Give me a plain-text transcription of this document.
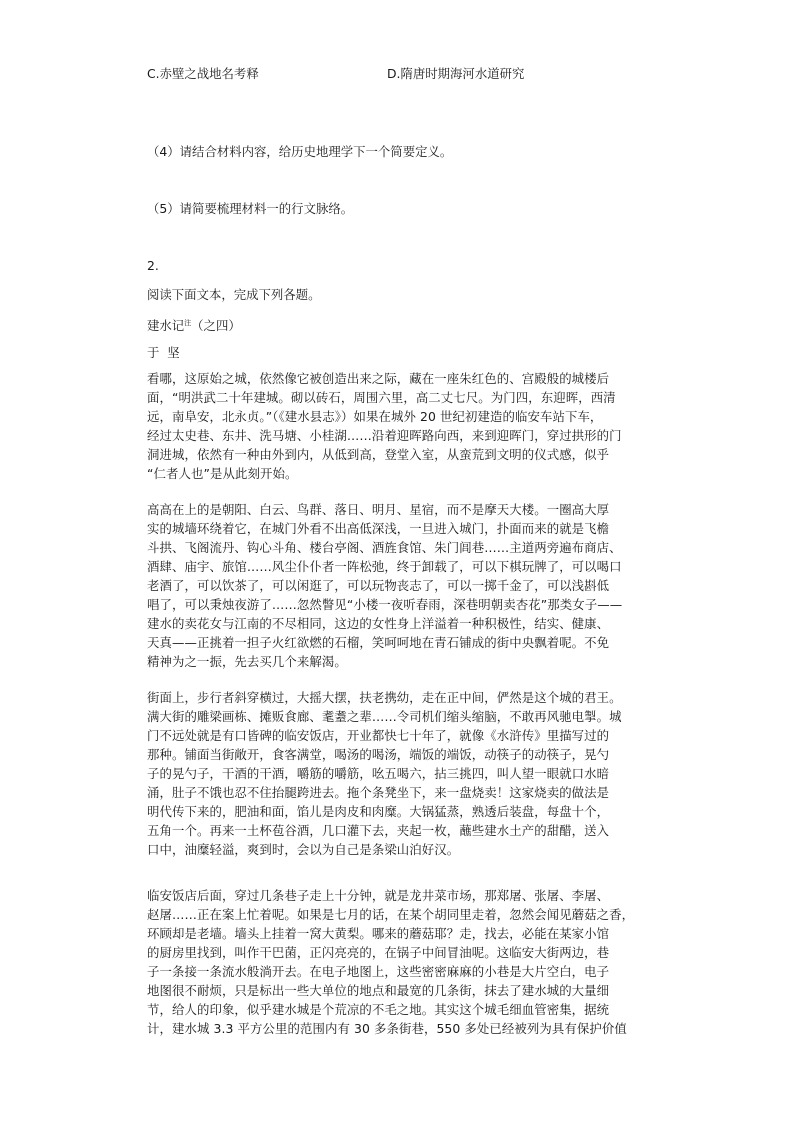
C.赤壁之战地名考释	D.隋唐时期海河水道研究
（4）请结合材料内容，给历史地理学下一个简要定义。
（5）请简要梳理材料一的行文脉络。
2.
阅读下面文本，完成下列各题。
建水记$^注$（之四）
于  坚
看哪，这原始之城，依然像它被创造出来之际，藏在一座朱红色的、宫殿般的城楼后
面，“明洪武二十年建城。砌以砖石，周围六里，高二丈七尺。为门四，东迎晖，西清
远，南阜安，北永贞。”（《建水县志》）如果在城外 20 世纪初建造的临安车站下车，
经过太史巷、东井、洗马塘、小桂湖……沿着迎晖路向西，来到迎晖门，穿过拱形的门
洞进城，依然有一种由外到内，从低到高，登堂入室，从蛮荒到文明的仪式感，似乎
“仁者人也”是从此刻开始。
高高在上的是朝阳、白云、鸟群、落日、明月、星宿，而不是摩天大楼。一圈高大厚
实的城墙环绕着它，在城门外看不出高低深浅，一旦进入城门，扑面而来的就是飞檐
斗拱、飞阁流丹、钩心斗角、楼台亭阁、酒旌食馆、朱门闾巷……主道两旁遍布商店、
酒肆、庙宇、旅馆……风尘仆仆者一阵松弛，终于卸载了，可以下棋玩牌了，可以喝口
老酒了，可以饮茶了，可以闲逛了，可以玩物丧志了，可以一掷千金了，可以浅斟低
唱了，可以秉烛夜游了……忽然瞥见“小楼一夜听春雨，深巷明朝卖杏花”那类女子——
建水的卖花女与江南的不尽相同，这边的女性身上洋溢着一种积极性，结实、健康、
天真——正挑着一担子火红欲燃的石榴，笑呵呵地在青石铺成的街中央飘着呢。不免
精神为之一振，先去买几个来解渴。
街面上，步行者斜穿横过，大摇大摆，扶老携幼，走在正中间，俨然是这个城的君王。
满大街的雕梁画栋、摊贩食廊、耄耋之辈……令司机们缩头缩脑，不敢再风驰电掣。城
门不远处就是有口皆碑的临安饭店，开业都快七十年了，就像《水浒传》里描写过的
那种。铺面当街敞开，食客满堂，喝汤的喝汤，端饭的端饭，动筷子的动筷子，晃勺
子的晃勺子，干酒的干酒，嚼筋的嚼筋，吆五喝六，拈三挑四，叫人望一眼就口水暗
涌，肚子不饿也忍不住抬腿跨进去。拖个条凳坐下，来一盘烧卖！这家烧卖的做法是
明代传下来的，肥油和面，馅儿是肉皮和肉糜。大锅猛蒸，熟透后装盘，每盘十个，
五角一个。再来一土杯苞谷酒，几口灌下去，夹起一枚，蘸些建水土产的甜醋，送入
口中，油糜轻溢，爽到时，会以为自己是条梁山泊好汉。
临安饭店后面，穿过几条巷子走上十分钟，就是龙井菜市场，那郑屠、张屠、李屠、
赵屠……正在案上忙着呢。如果是七月的话，在某个胡同里走着，忽然会闻见蘑菇之香，
环顾却是老墙。墙头上挂着一窝大黄梨。哪来的蘑菇耶？走，找去，必能在某家小馆
的厨房里找到，叫作干巴菌，正闪亮亮的，在锅子中间冒油呢。这临安大街两边，巷
子一条接一条流水般淌开去。在电子地图上，这些密密麻麻的小巷是大片空白，电子
地图很不耐烦，只是标出一些大单位的地点和最宽的几条街，抹去了建水城的大量细
节，给人的印象，似乎建水城是个荒凉的不毛之地。其实这个城毛细血管密集，据统
计，建水城 3.3 平方公里的范围内有 30 多条街巷，550 多处已经被列为具有保护价值
